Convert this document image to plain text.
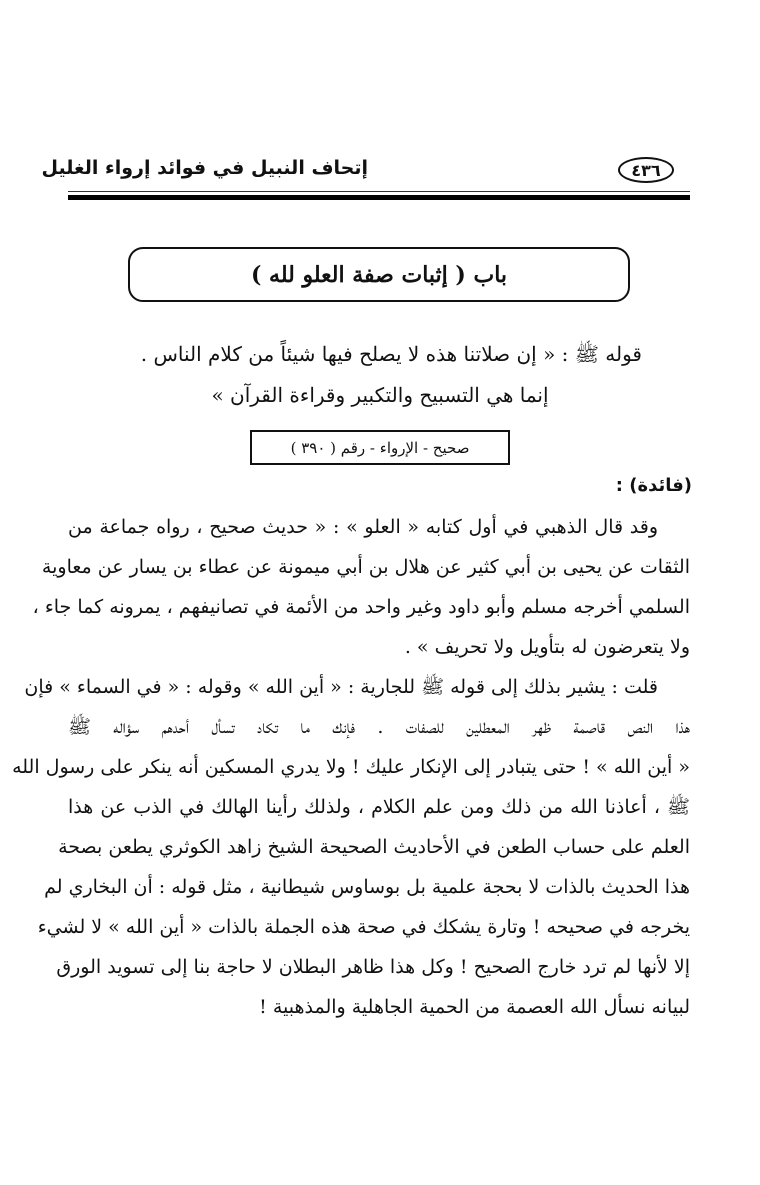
إتحاف النبيل في فوائد إرواء الغليل	٤٣٦
باب ( إثبات صفة العلو لله )
قوله ﷺ : « إن صلاتنا هذه لا يصلح فيها شيئاً من كلام الناس .
إنما هي التسبيح والتكبير وقراءة القرآن »
صحيح - الإرواء - رقم ( ٣٩٠ )
(فائدة) :
وقد قال الذهبي في أول كتابه « العلو » : « حديث صحيح ، رواه جماعة من
الثقات عن يحيى بن أبي كثير عن هلال بن أبي ميمونة عن عطاء بن يسار عن معاوية
السلمي أخرجه مسلم وأبو داود وغير واحد من الأئمة في تصانيفهم ، يمرونه كما جاء ،
ولا يتعرضون له بتأويل ولا تحريف » .
قلت : يشير بذلك إلى قوله ﷺ للجارية : « أين الله » وقوله : « في السماء » فإن
هذا النص قاصمة ظهر المعطلين للصفات . فإنك ما تكاد تسأل أحدهم سؤاله ﷺ
« أين الله » ! حتى يتبادر إلى الإنكار عليك ! ولا يدري المسكين أنه ينكر على رسول الله
ﷺ ، أعاذنا الله من ذلك ومن علم الكلام ، ولذلك رأينا الهالك في الذب عن هذا
العلم على حساب الطعن في الأحاديث الصحيحة الشيخ زاهد الكوثري يطعن بصحة
هذا الحديث بالذات لا بحجة علمية بل بوساوس شيطانية ، مثل قوله : أن البخاري لم
يخرجه في صحيحه ! وتارة يشكك في صحة هذه الجملة بالذات « أين الله » لا لشيء
إلا لأنها لم ترد خارج الصحيح ! وكل هذا ظاهر البطلان لا حاجة بنا إلى تسويد الورق
لبيانه نسأل الله العصمة من الحمية الجاهلية والمذهبية !
